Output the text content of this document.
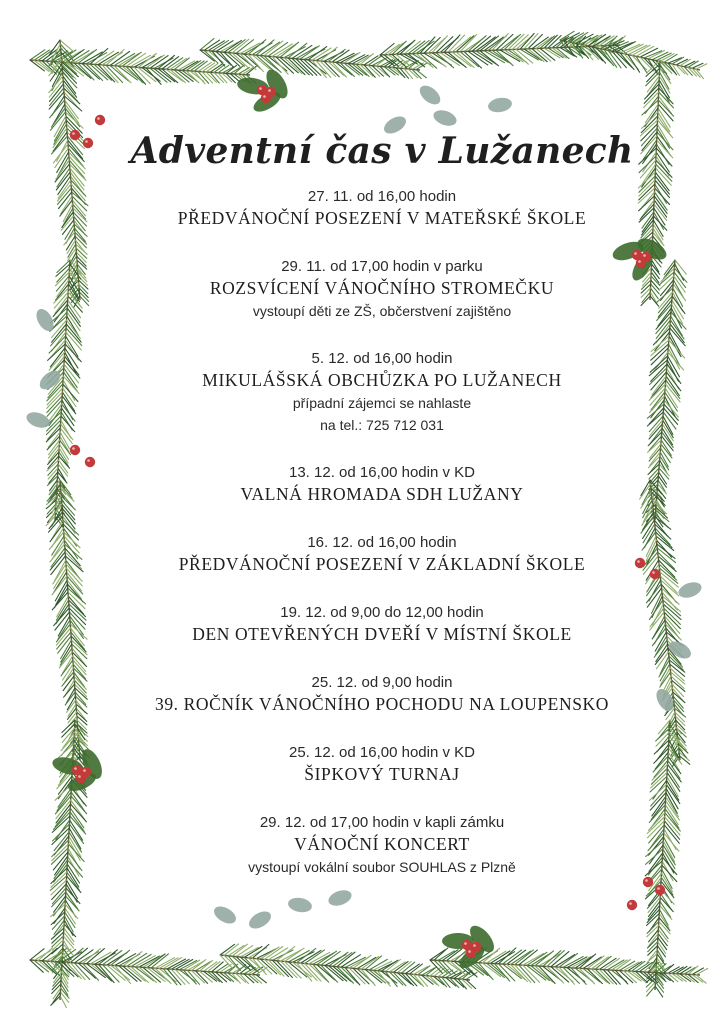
Adventní čas v Lužanech
27. 11. od 16,00 hodin
PŘEDVÁNOČNÍ POSEZENÍ V MATEŘSKÉ ŠKOLE
29. 11. od 17,00 hodin v parku
ROZSVÍCENÍ VÁNOČNÍHO STROMEČKU
vystoupí děti ze ZŠ, občerstvení zajištěno
5. 12. od 16,00 hodin
MIKULÁŠSKÁ OBCHŮZKA PO LUŽANECH
případní zájemci se nahlaste
na tel.: 725 712 031
13. 12. od 16,00 hodin v KD
VALNÁ HROMADA SDH LUŽANY
16. 12. od 16,00 hodin
PŘEDVÁNOČNÍ POSEZENÍ V ZÁKLADNÍ ŠKOLE
19. 12. od 9,00 do 12,00 hodin
DEN OTEVŘENÝCH DVEŘÍ V MÍSTNÍ ŠKOLE
25. 12. od 9,00 hodin
39. ROČNÍK VÁNOČNÍHO POCHODU NA LOUPENSKO
25. 12. od 16,00 hodin v KD
ŠIPKOVÝ TURNAJ
29. 12. od 17,00 hodin v kapli zámku
VÁNOČNÍ KONCERT
vystoupí vokální soubor SOUHLAS z Plzně
